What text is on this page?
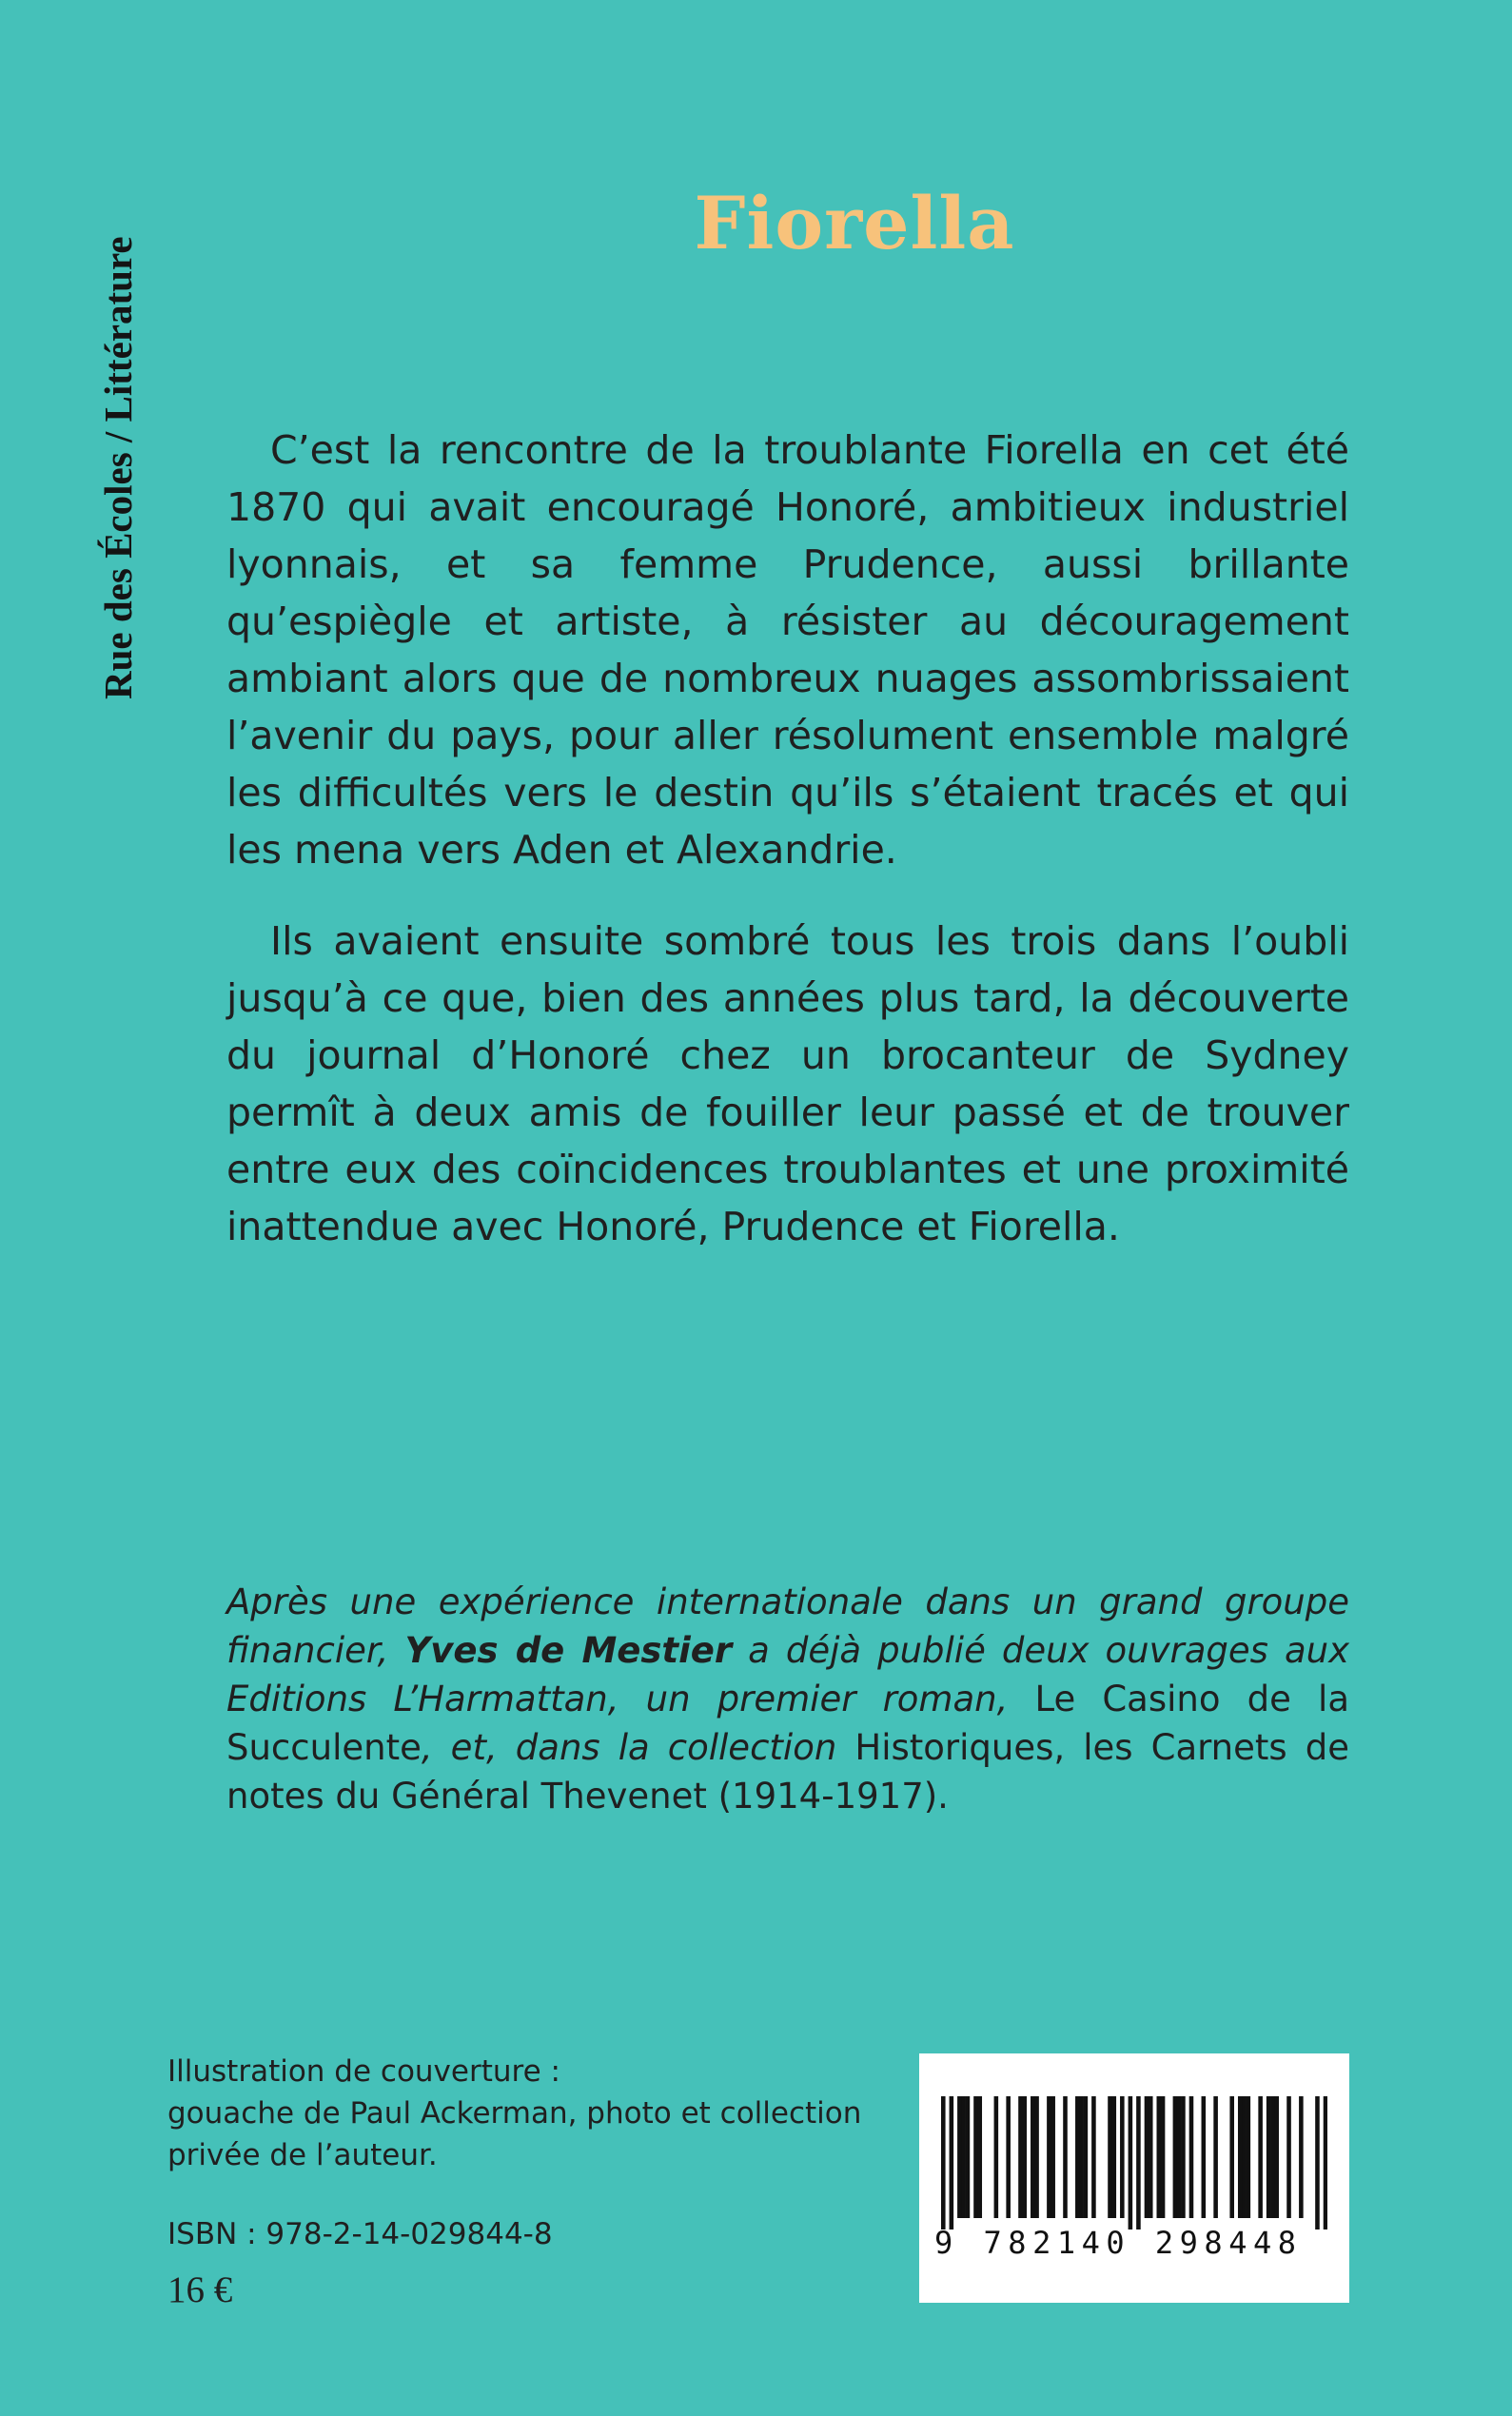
Rue des Écoles / Littérature
Fiorella

C’est la rencontre de la troublante Fiorella en cet été 1870 qui avait encouragé Honoré, ambitieux industriel lyonnais, et sa femme Prudence, aussi brillante qu’espiègle et artiste, à résister au découragement ambiant alors que de nombreux nuages assombrissaient l’avenir du pays, pour aller résolument ensemble malgré les difficultés vers le destin qu’ils s’étaient tracés et qui les mena vers Aden et Alexandrie.

Ils avaient ensuite sombré tous les trois dans l’oubli jusqu’à ce que, bien des années plus tard, la découverte du journal d’Honoré chez un brocanteur de Sydney permît à deux amis de fouiller leur passé et de trouver entre eux des coïncidences troublantes et une proximité inattendue avec Honoré, Prudence et Fiorella.

Après une expérience internationale dans un grand groupe financier, Yves de Mestier a déjà publié deux ouvrages aux Editions L’Harmattan, un premier roman, Le Casino de la Succulente, et, dans la collection Historiques, les Carnets de notes du Général Thevenet (1914-1917).

Illustration de couverture :
gouache de Paul Ackerman, photo et collection
privée de l’auteur.
ISBN : 978-2-14-029844-8
16 €
9 782140 298448
